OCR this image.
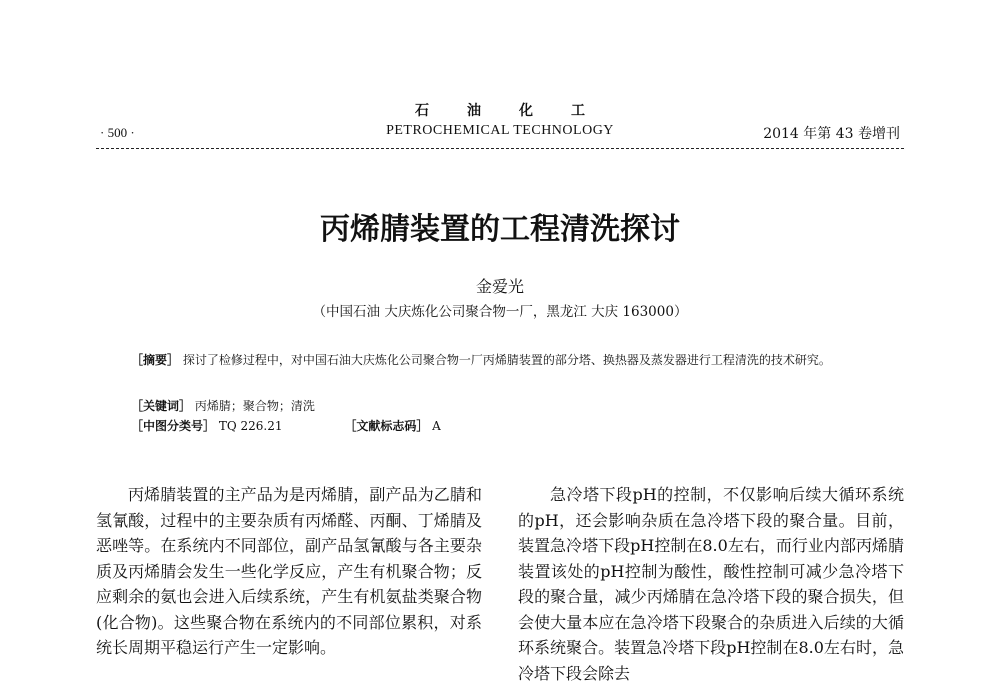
石油化工
· 500 ·	PETROCHEMICAL TECHNOLOGY	2014 年第 43 卷增刊
丙烯腈装置的工程清洗探讨
金爱光
（中国石油 大庆炼化公司聚合物一厂，黑龙江 大庆 163000）
［摘要］ 探讨了检修过程中，对中国石油大庆炼化公司聚合物一厂丙烯腈装置的部分塔、换热器及蒸发器进行工程清洗的技术研究。
［关键词］ 丙烯腈；聚合物；清洗
［中图分类号］ TQ 226.21	［文献标志码］ A

丙烯腈装置的主产品为是丙烯腈，副产品为乙腈和氢氰酸，过程中的主要杂质有丙烯醛、丙酮、丁烯腈及恶唑等。在系统内不同部位，副产品氢氰酸与各主要杂质及丙烯腈会发生一些化学反应，产生有机聚合物；反应剩余的氨也会进入后续系统，产生有机氨盐类聚合物(化合物)。这些聚合物在系统内的不同部位累积，对系统长周期平稳运行产生一定影响。

急冷塔下段pH的控制，不仅影响后续大循环系统的pH，还会影响杂质在急冷塔下段的聚合量。目前，装置急冷塔下段pH控制在8.0左右，而行业内部丙烯腈装置该处的pH控制为酸性，酸性控制可减少急冷塔下段的聚合量，减少丙烯腈在急冷塔下段的聚合损失，但会使大量本应在急冷塔下段聚合的杂质进入后续的大循环系统聚合。装置急冷塔下段pH控制在8.0左右时，急冷塔下段会除去
